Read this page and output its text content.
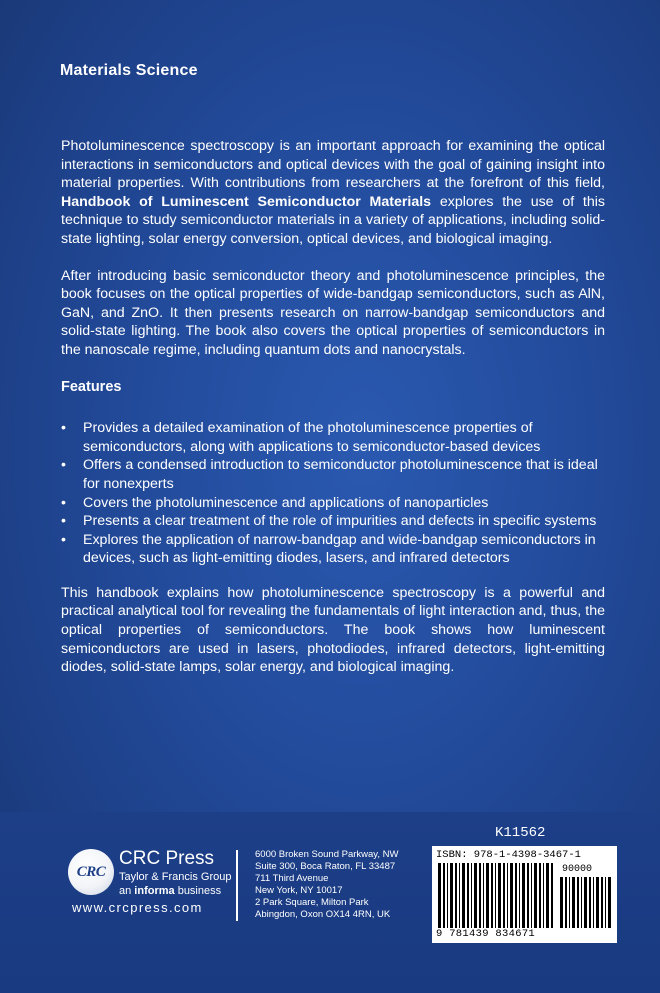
Materials Science

Photoluminescence spectroscopy is an important approach for examining the optical interactions in semiconductors and optical devices with the goal of gaining insight into material properties. With contributions from researchers at the forefront of this field, Handbook of Luminescent Semiconductor Materials explores the use of this technique to study semiconductor materials in a variety of applications, including solid-state lighting, solar energy conversion, optical devices, and biological imaging.

After introducing basic semiconductor theory and photoluminescence principles, the book focuses on the optical properties of wide-bandgap semiconductors, such as AlN, GaN, and ZnO. It then presents research on narrow-bandgap semiconductors and solid-state lighting. The book also covers the optical properties of semiconductors in the nanoscale regime, including quantum dots and nanocrystals.

Features
• Provides a detailed examination of the photoluminescence properties of semiconductors, along with applications to semiconductor-based devices
• Offers a condensed introduction to semiconductor photoluminescence that is ideal for nonexperts
• Covers the photoluminescence and applications of nanoparticles
• Presents a clear treatment of the role of impurities and defects in specific systems
• Explores the application of narrow-bandgap and wide-bandgap semiconductors in devices, such as light-emitting diodes, lasers, and infrared detectors

This handbook explains how photoluminescence spectroscopy is a powerful and practical analytical tool for revealing the fundamentals of light interaction and, thus, the optical properties of semiconductors. The book shows how luminescent semiconductors are used in lasers, photodiodes, infrared detectors, light-emitting diodes, solid-state lamps, solar energy, and biological imaging.

CRC
CRC Press
Taylor & Francis Group
an informa business
www.crcpress.com
6000 Broken Sound Parkway, NW
Suite 300, Boca Raton, FL 33487
711 Third Avenue
New York, NY 10017
2 Park Square, Milton Park
Abingdon, Oxon OX14 4RN, UK
K11562
ISBN: 978-1-4398-3467-1
90000
9 781439 834671
